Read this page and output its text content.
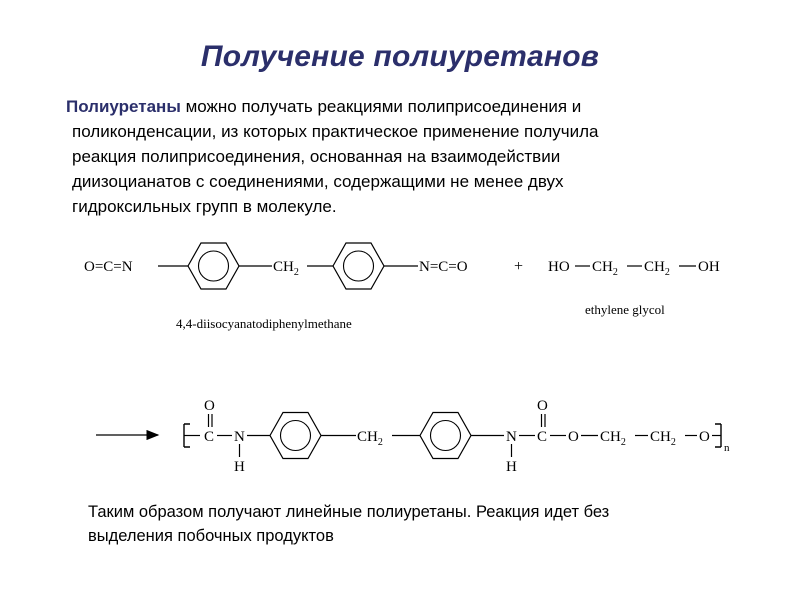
Получение полиуретанов
Полиуретаны можно получать реакциями полиприсоединения и
поликонденсации, из которых практическое применение получила
реакция полиприсоединения, основанная на взаимодействии
диизоцианатов с соединениями, содержащими не менее двух
гидроксильных групп в молекуле.
O=C=N	$CH_2$	N=C=O
4,4-diisocyanatodiphenylmethane
+ HO $CH_2$ $CH_2$ OH
ethylene glycol
C
O
N
H
$CH_2$	N
H
C
O
O $CH_2$ $CH_2$ O
n
Таким образом получают линейные полиуретаны. Реакция идет без
выделения побочных продуктов
